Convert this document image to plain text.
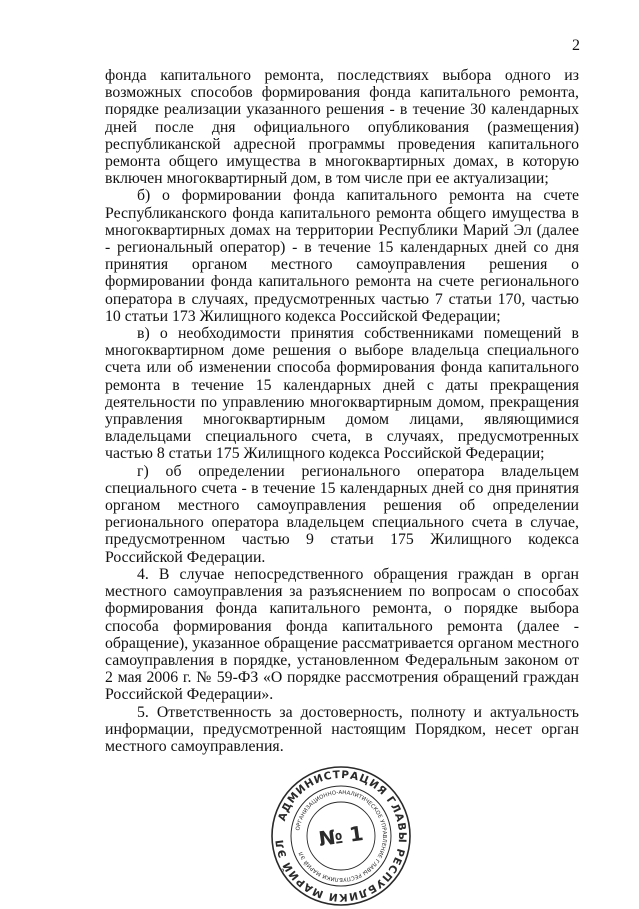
2

фонда капитального ремонта, последствиях выбора одного из возможных способов формирования фонда капитального ремонта, порядке реализации указанного решения - в течение 30 календарных дней после дня официального опубликования (размещения) республиканской адресной программы проведения капитального ремонта общего имущества в многоквартирных домах, в которую включен многоквартирный дом, в том числе при ее актуализации;

б) о формировании фонда капитального ремонта на счете Республиканского фонда капитального ремонта общего имущества в многоквартирных домах на территории Республики Марий Эл (далее - региональный оператор) - в течение 15 календарных дней со дня принятия органом местного самоуправления решения о формировании фонда капитального ремонта на счете регионального оператора в случаях, предусмотренных частью 7 статьи 170, частью 10 статьи 173 Жилищного кодекса Российской Федерации;

в) о необходимости принятия собственниками помещений в многоквартирном доме решения о выборе владельца специального счета или об изменении способа формирования фонда капитального ремонта в течение 15 календарных дней с даты прекращения деятельности по управлению многоквартирным домом, прекращения управления многоквартирным домом лицами, являющимися владельцами специального счета, в случаях, предусмотренных частью 8 статьи 175 Жилищного кодекса Российской Федерации;

г) об определении регионального оператора владельцем специального счета - в течение 15 календарных дней со дня принятия органом местного самоуправления решения об определении регионального оператора владельцем специального счета в случае, предусмотренном частью 9 статьи 175 Жилищного кодекса Российской Федерации.

4. В случае непосредственного обращения граждан в орган местного самоуправления за разъяснением по вопросам о способах формирования фонда капитального ремонта, о порядке выбора способа формирования фонда капитального ремонта (далее - обращение), указанное обращение рассматривается органом местного самоуправления в порядке, установленном Федеральным законом от 2 мая 2006 г. № 59-ФЗ «О порядке рассмотрения обращений граждан Российской Федерации».

5. Ответственность за достоверность, полноту и актуальность информации, предусмотренной настоящим Порядком, несет орган местного самоуправления.

АДМИНИСТРАЦИЯ ГЛАВЫ РЕСПУБЛИКИ МАРИЙ ЭЛ
ОРГАНИЗАЦИОННО-АНАЛИТИЧЕСКОЕ УПРАВЛЕНИЕ ГЛАВЫ РЕСПУБЛИКИ МАРИЙ ЭЛ
№ 1
